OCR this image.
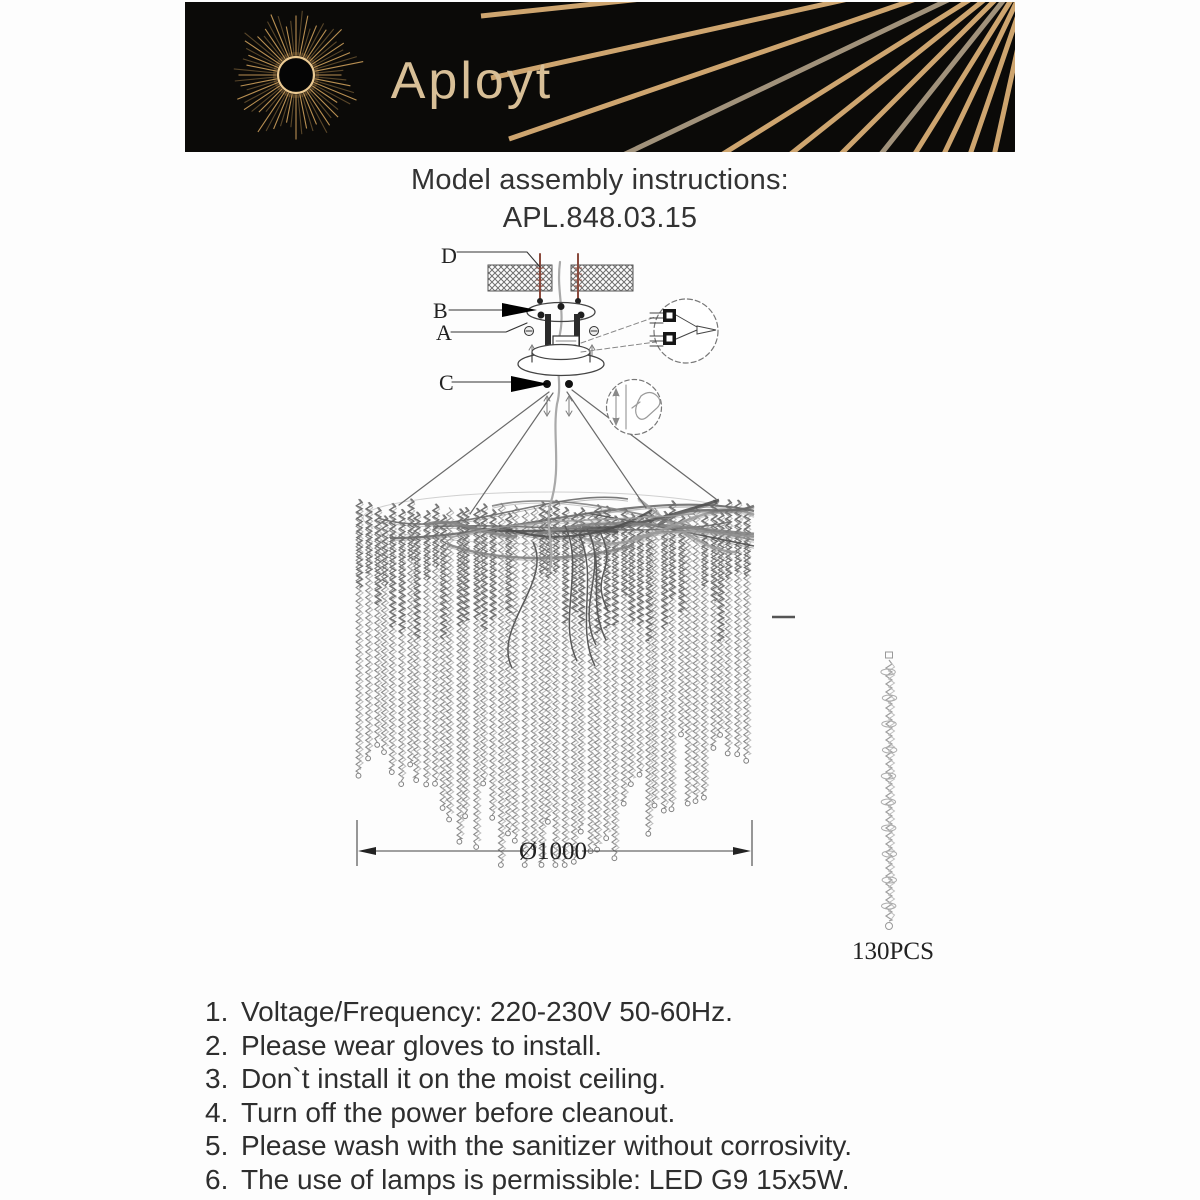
Aployt
Model assembly instructions:
APL.848.03.15
Ø1000
130PCS
D
B
A
C
1. Voltage/Frequency: 220-230V 50-60Hz.
2. Please wear gloves to install.
3. Don`t install it on the moist ceiling.
4. Turn off the power before cleanout.
5. Please wash with the sanitizer without corrosivity.
6. The use of lamps is permissible: LED G9 15x5W.
